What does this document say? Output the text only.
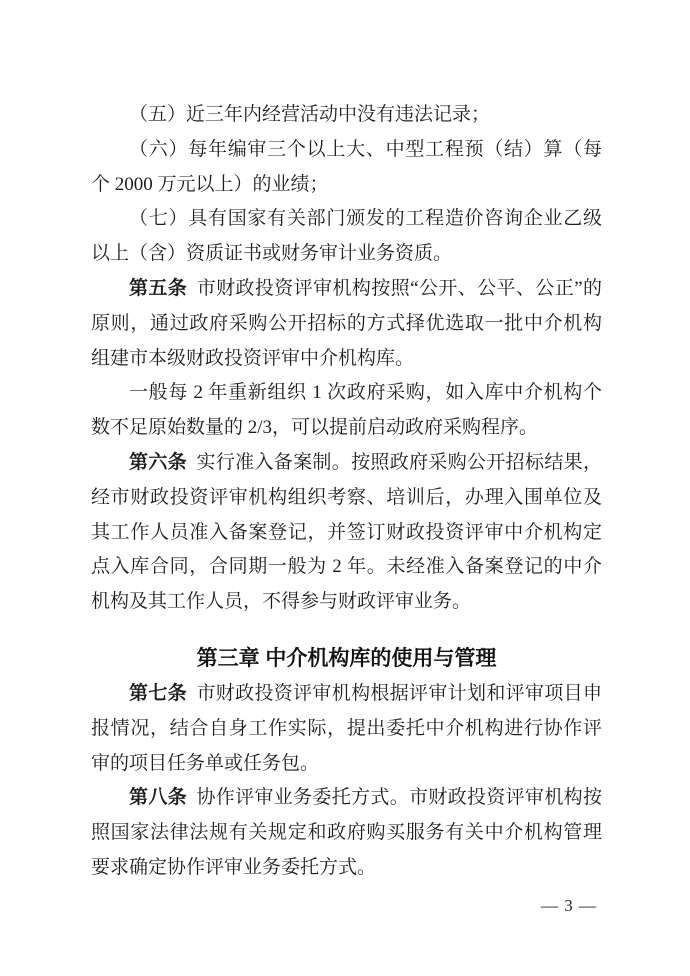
（五）近三年内经营活动中没有违法记录；

（六）每年编审三个以上大、中型工程预（结）算（每个 2000 万元以上）的业绩；

（七）具有国家有关部门颁发的工程造价咨询企业乙级以上（含）资质证书或财务审计业务资质。

第五条 市财政投资评审机构按照“公开、公平、公正”的原则，通过政府采购公开招标的方式择优选取一批中介机构组建市本级财政投资评审中介机构库。

一般每 2 年重新组织 1 次政府采购，如入库中介机构个数不足原始数量的 2/3，可以提前启动政府采购程序。

第六条 实行准入备案制。按照政府采购公开招标结果，经市财政投资评审机构组织考察、培训后，办理入围单位及其工作人员准入备案登记，并签订财政投资评审中介机构定点入库合同，合同期一般为 2 年。未经准入备案登记的中介机构及其工作人员，不得参与财政评审业务。

第三章 中介机构库的使用与管理

第七条 市财政投资评审机构根据评审计划和评审项目申报情况，结合自身工作实际，提出委托中介机构进行协作评审的项目任务单或任务包。

第八条 协作评审业务委托方式。市财政投资评审机构按照国家法律法规有关规定和政府购买服务有关中介机构管理要求确定协作评审业务委托方式。

— 3 —
